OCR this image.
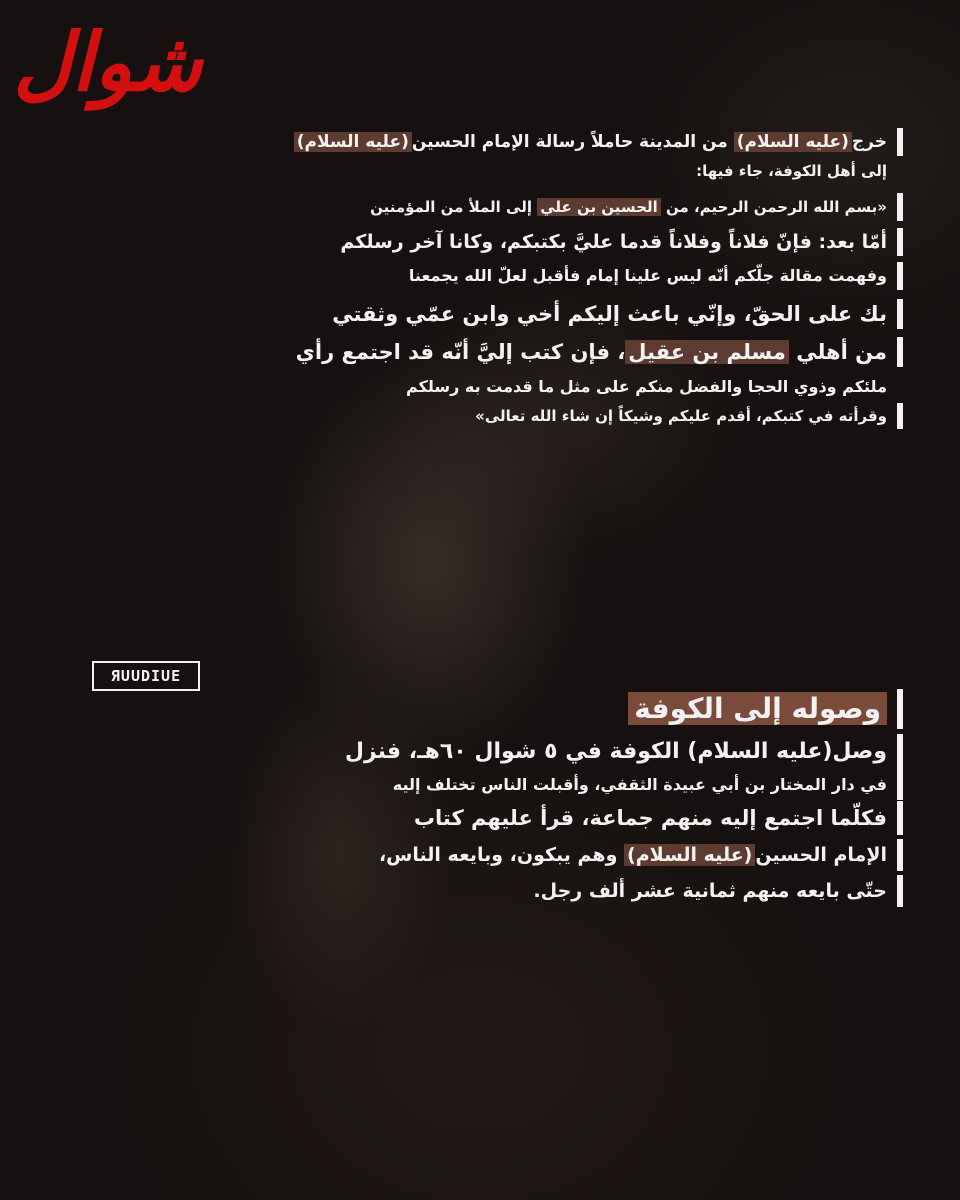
شوال
ЯUUDIUE
خرج(عليه السلام) من المدينة حاملاً رسالة الإمام الحسين(عليه السلام)
إلى أهل الكوفة، جاء فيها:
«بسم الله الرحمن الرحيم، من الحسين بن علي إلى الملأ من المؤمنين
أمّا بعد: فإنّ فلاناً وفلاناً قدما عليَّ بكتبكم، وكانا آخر رسلكم
وفهمت مقالة جلّكم أنّه ليس علينا إمام فأقبل لعلّ الله يجمعنا
بك على الحقّ، وإنّي باعث إليكم أخي وابن عمّي وثقتي
من أهلي مسلم بن عقيل، فإن كتب إليَّ أنّه قد اجتمع رأي
ملئكم وذوي الحجا والفضل منكم على مثل ما قدمت به رسلكم
وقرأته في كتبكم، أقدم عليكم وشيكاً إن شاء الله تعالى»
وصوله إلى الكوفة
وصل(عليه السلام) الكوفة في ٥ شوال ٦٠هـ، فنزل
في دار المختار بن أبي عبيدة الثقفي، وأقبلت الناس تختلف إليه
فكلّما اجتمع إليه منهم جماعة، قرأ عليهم كتاب
الإمام الحسين(عليه السلام) وهم يبكون، وبايعه الناس،
حتّى بايعه منهم ثمانية عشر ألف رجل.
